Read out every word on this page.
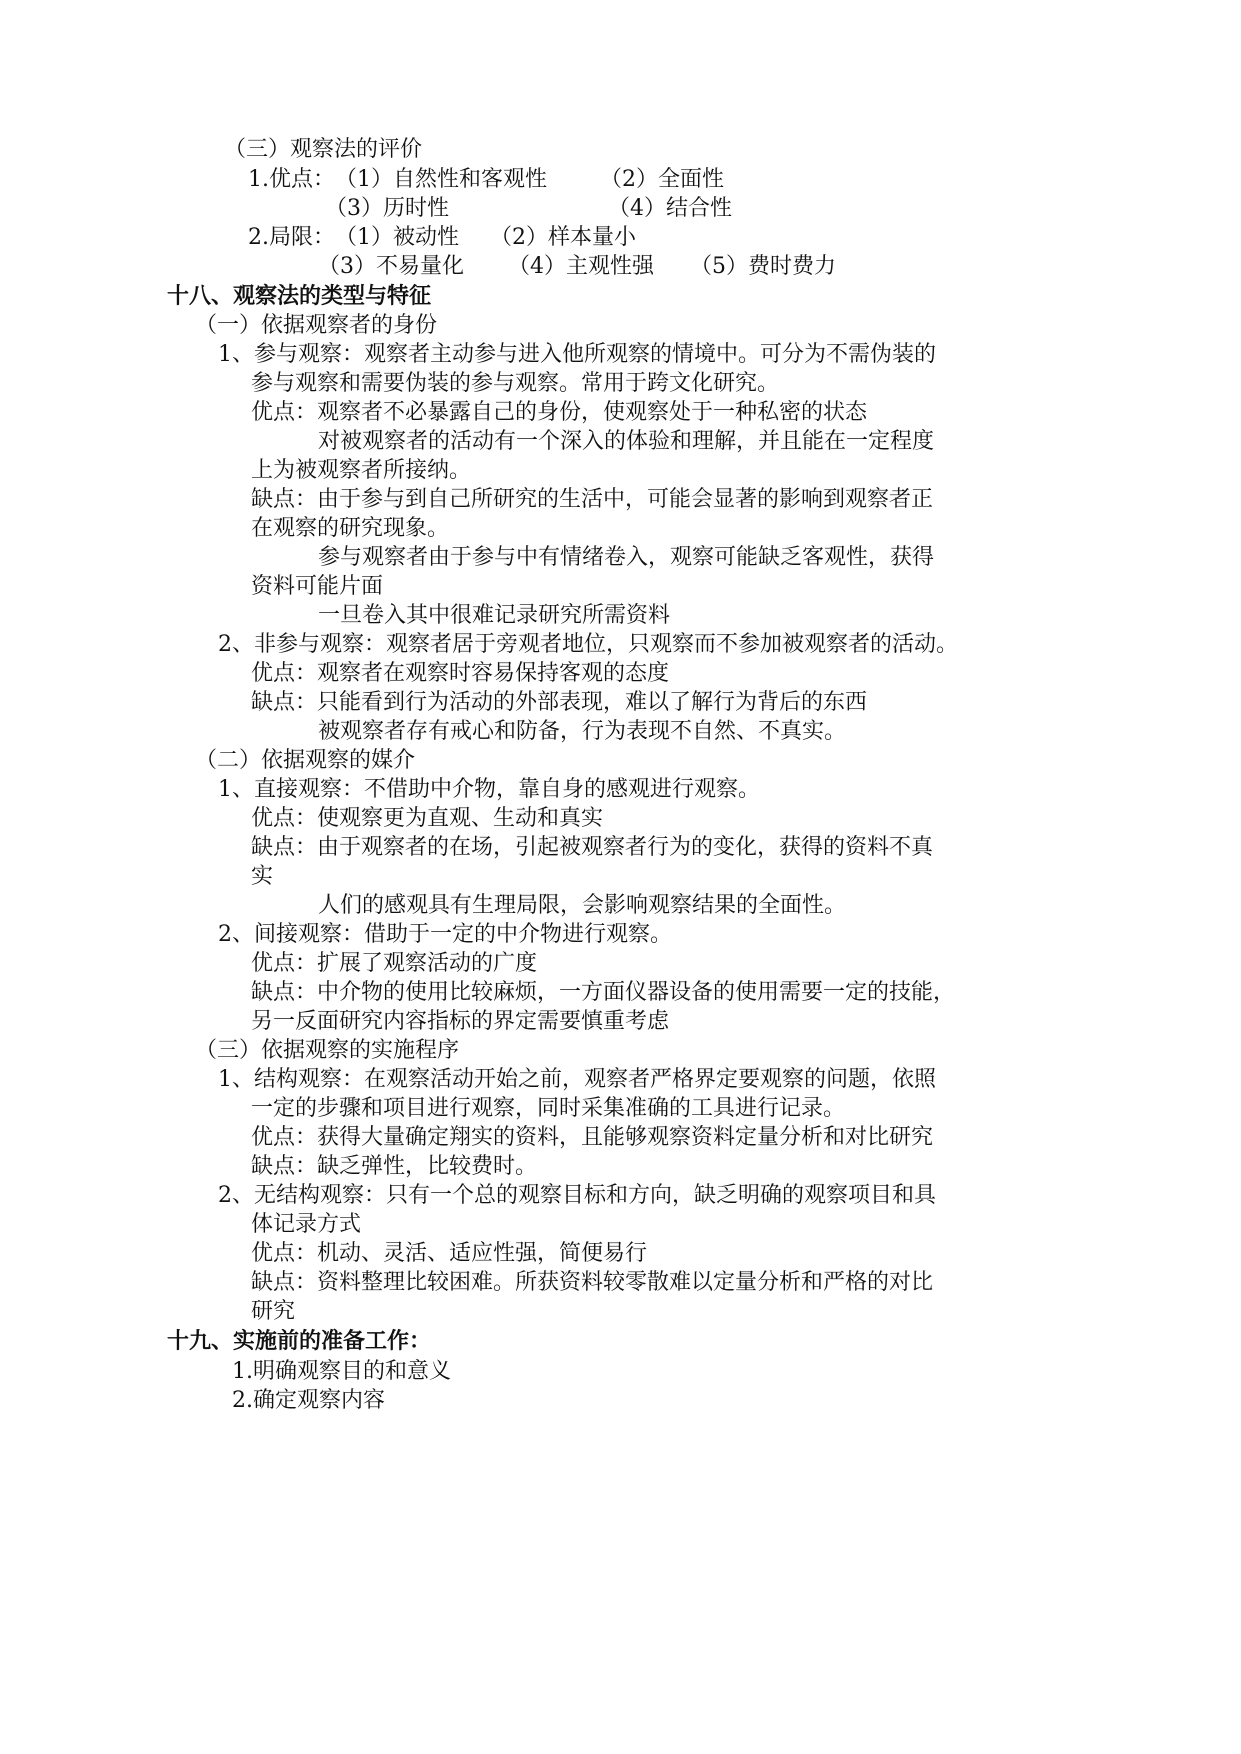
（三）观察法的评价
1.优点：（1）自然性和客观性 （2）全面性
（3）历时性	（4）结合性
2.局限：（1）被动性 （2）样本量小
（3）不易量化 （4）主观性强 （5）费时费力
十八、观察法的类型与特征
（一）依据观察者的身份
1、参与观察：观察者主动参与进入他所观察的情境中。可分为不需伪装的
参与观察和需要伪装的参与观察。常用于跨文化研究。
优点：观察者不必暴露自己的身份，使观察处于一种私密的状态
对被观察者的活动有一个深入的体验和理解，并且能在一定程度
上为被观察者所接纳。
缺点：由于参与到自己所研究的生活中，可能会显著的影响到观察者正
在观察的研究现象。
参与观察者由于参与中有情绪卷入，观察可能缺乏客观性，获得
资料可能片面
一旦卷入其中很难记录研究所需资料
2、非参与观察：观察者居于旁观者地位，只观察而不参加被观察者的活动。
优点：观察者在观察时容易保持客观的态度
缺点：只能看到行为活动的外部表现，难以了解行为背后的东西
被观察者存有戒心和防备，行为表现不自然、不真实。
（二）依据观察的媒介
1、直接观察：不借助中介物，靠自身的感观进行观察。
优点：使观察更为直观、生动和真实
缺点：由于观察者的在场，引起被观察者行为的变化，获得的资料不真
实
人们的感观具有生理局限，会影响观察结果的全面性。
2、间接观察：借助于一定的中介物进行观察。
优点：扩展了观察活动的广度
缺点：中介物的使用比较麻烦，一方面仪器设备的使用需要一定的技能，
另一反面研究内容指标的界定需要慎重考虑
（三）依据观察的实施程序
1、结构观察：在观察活动开始之前，观察者严格界定要观察的问题，依照
一定的步骤和项目进行观察，同时采集准确的工具进行记录。
优点：获得大量确定翔实的资料，且能够观察资料定量分析和对比研究
缺点：缺乏弹性，比较费时。
2、无结构观察：只有一个总的观察目标和方向，缺乏明确的观察项目和具
体记录方式
优点：机动、灵活、适应性强，简便易行
缺点：资料整理比较困难。所获资料较零散难以定量分析和严格的对比
研究
十九、实施前的准备工作：
1.明确观察目的和意义
2.确定观察内容
